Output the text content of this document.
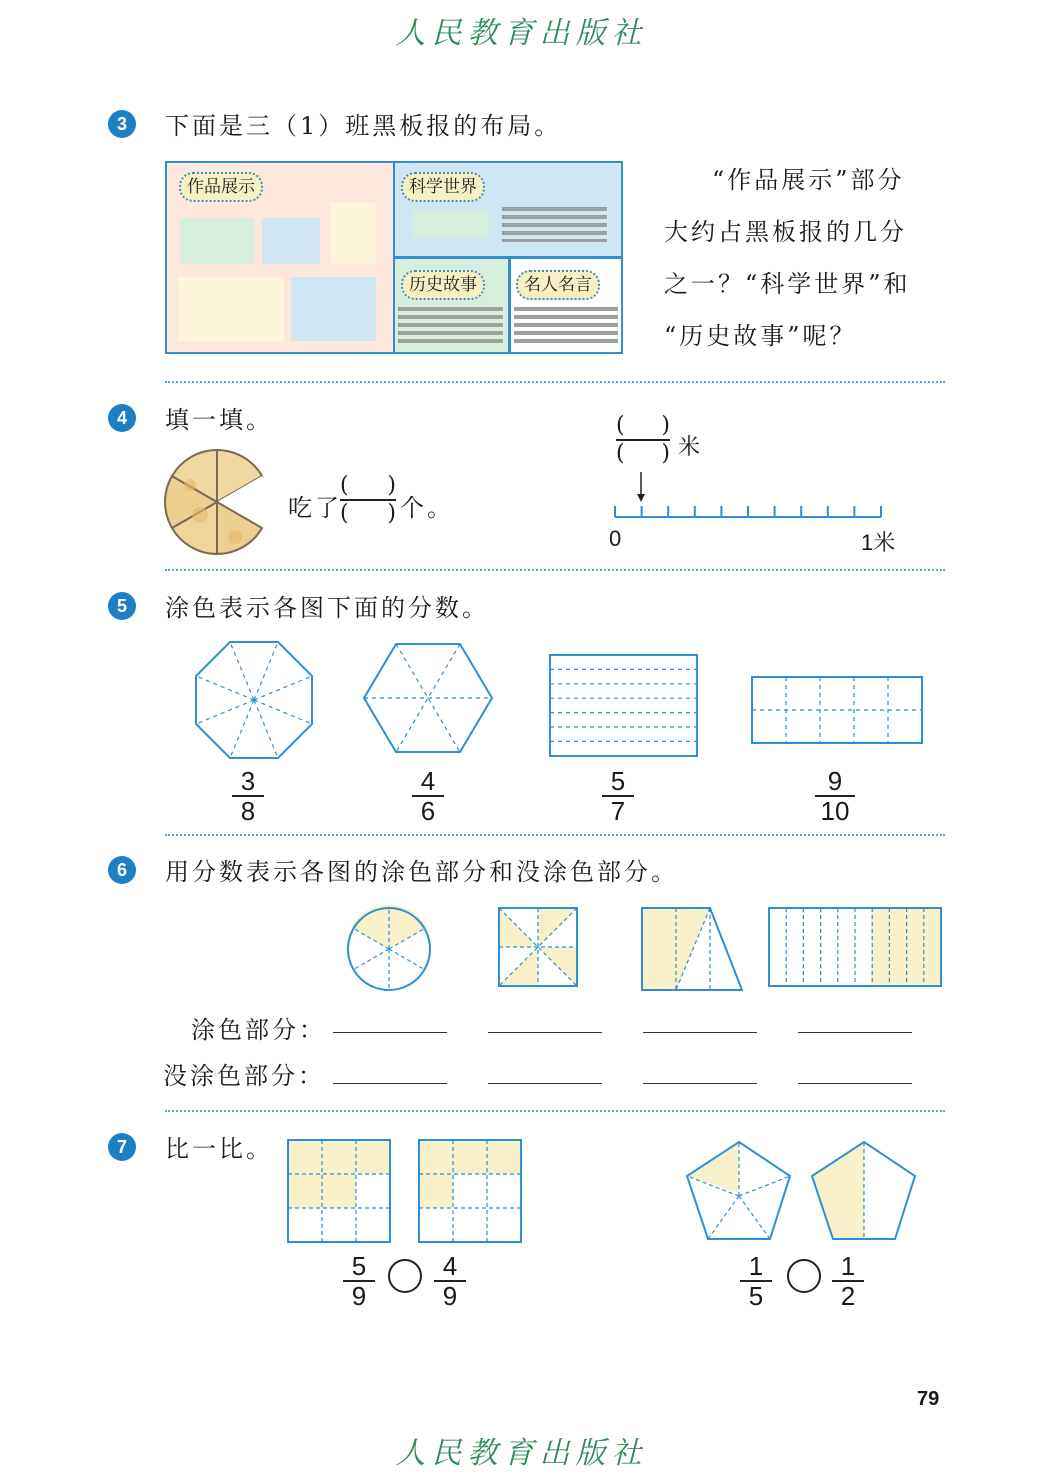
人民教育出版社
3	下面是三（1）班黑板报的布局。
作品展示	科学世界
历史故事	名人名言
“作品展示”部分
大约占黑板报的几分
之一？“科学世界”和
“历史故事”呢？
4	填一填。
吃了
( )
( ) 个。
( )
( ) 米
0	1米
5	涂色表示各图下面的分数。
3
8
4
6
5
7
9
10
6	用分数表示各图的涂色部分和没涂色部分。
涂色部分：
没涂色部分：
7	比一比。
5
9
4
9
1
5
1
2
79
人民教育出版社
